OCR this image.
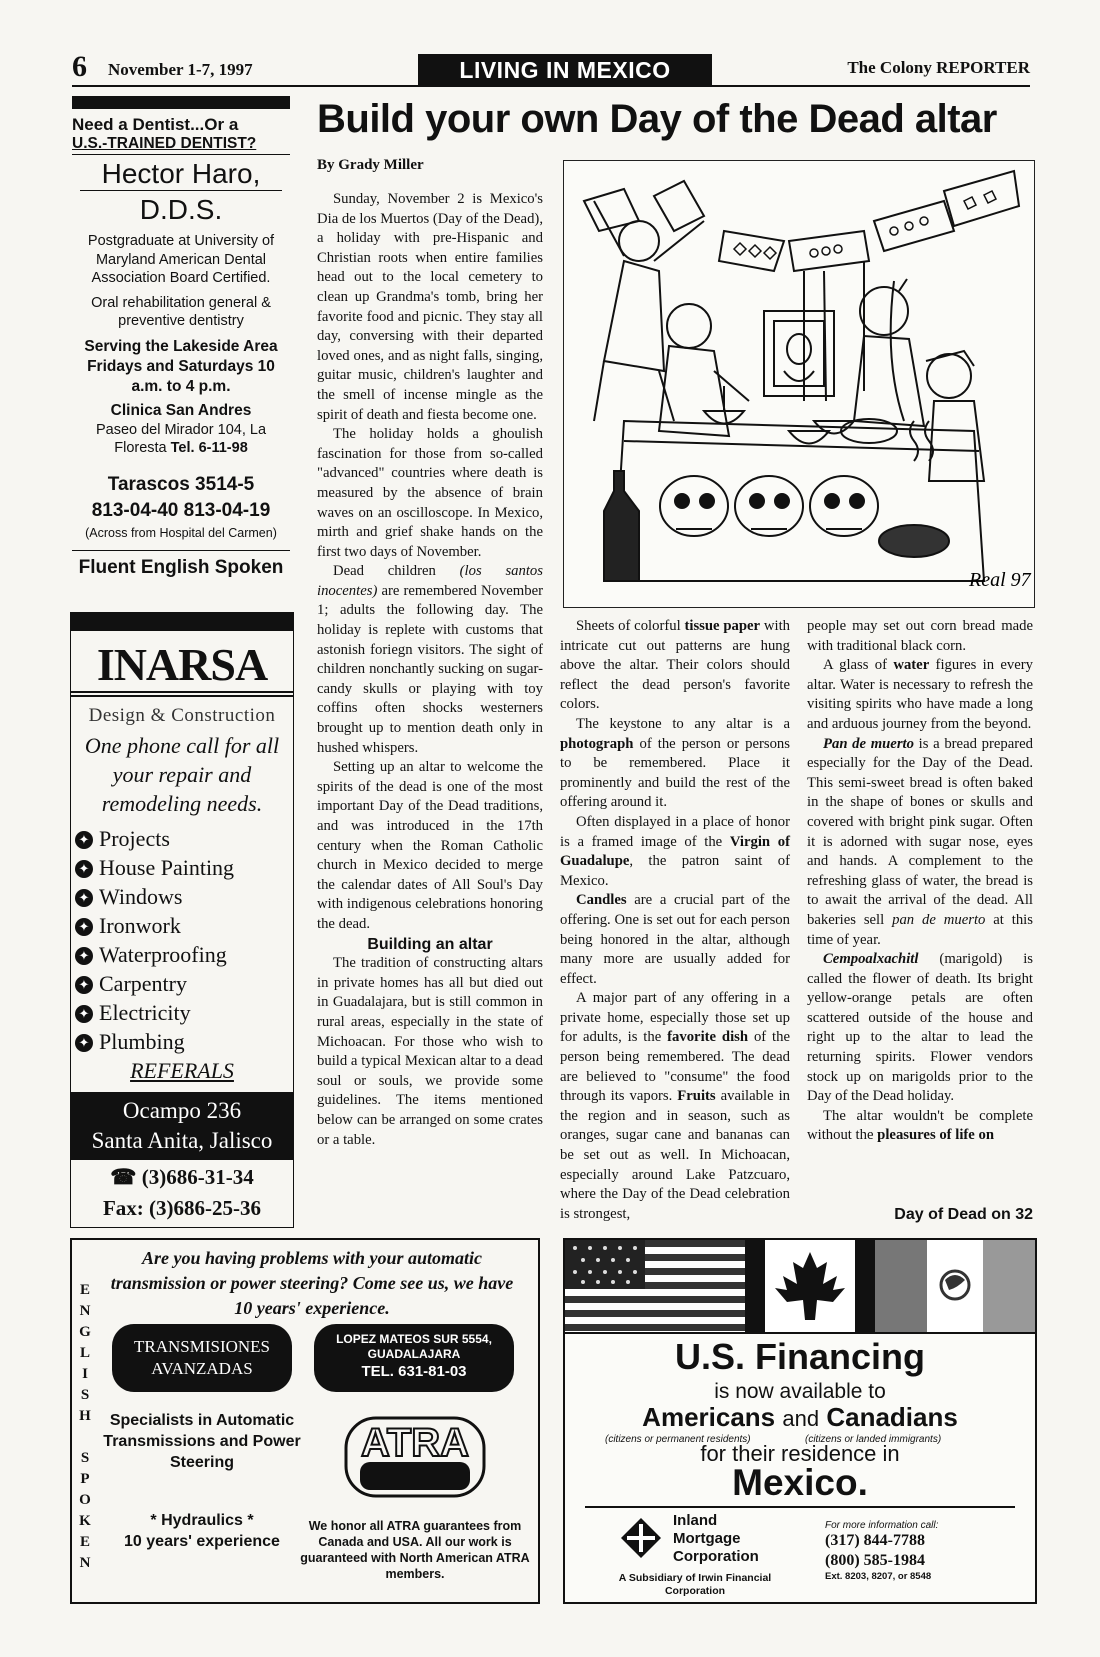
6 November 1-7, 1997	LIVING IN MEXICO	The Colony REPORTER
Build your own Day of the Dead altar
By Grady Miller

Sunday, November 2 is Mexico's Dia de los Muertos (Day of the Dead), a holiday with pre-Hispanic and Christian roots when entire families head out to the local cemetery to clean up Grandma's tomb, bring her favorite food and picnic. They stay all day, conversing with their departed loved ones, and as night falls, singing, guitar music, children's laughter and the smell of incense mingle as the spirit of death and fiesta become one.

The holiday holds a ghoulish fascination for those from so-called "advanced" countries where death is measured by the absence of brain waves on an oscilloscope. In Mexico, mirth and grief shake hands on the first two days of November.

Dead children (los santos inocentes) are remembered November 1; adults the following day. The holiday is replete with customs that astonish foriegn visitors. The sight of children nonchantly sucking on sugar-candy skulls or playing with toy coffins often shocks westerners brought up to mention death only in hushed whispers.

Setting up an altar to welcome the spirits of the dead is one of the most important Day of the Dead traditions, and was introduced in the 17th century when the Roman Catholic church in Mexico decided to merge the calendar dates of All Soul's Day with indigenous celebrations honoring the dead.

Building an altar

The tradition of constructing altars in private homes has all but died out in Guadalajara, but is still common in rural areas, especially in the state of Michoacan. For those who wish to build a typical Mexican altar to a dead soul or souls, we provide some guidelines. The items mentioned below can be arranged on some crates or a table.

Real 97

Sheets of colorful tissue paper with intricate cut out patterns are hung above the altar. Their colors should reflect the dead person's favorite colors.

The keystone to any altar is a photograph of the person or persons to be remembered. Place it prominently and build the rest of the offering around it.

Often displayed in a place of honor is a framed image of the Virgin of Guadalupe, the patron saint of Mexico.

Candles are a crucial part of the offering. One is set out for each person being honored in the altar, although many more are usually added for effect.

A major part of any offering in a private home, especially those set up for adults, is the favorite dish of the person being remembered. The dead are believed to "consume" the food through its vapors. Fruits available in the region and in season, such as oranges, sugar cane and bananas can be set out as well. In Michoacan, especially around Lake Patzcuaro, where the Day of the Dead celebration is strongest,

people may set out corn bread made with traditional black corn.

A glass of water figures in every altar. Water is necessary to refresh the visiting spirits who have made a long and arduous journey from the beyond.

Pan de muerto is a bread prepared especially for the Day of the Dead. This semi-sweet bread is often baked in the shape of bones or skulls and covered with bright pink sugar. Often it is adorned with sugar nose, eyes and hands. A complement to the refreshing glass of water, the bread is to await the arrival of the dead. All bakeries sell pan de muerto at this time of year.

Cempoalxachitl (marigold) is called the flower of death. Its bright yellow-orange petals are often scattered outside of the house and right up to the altar to lead the returning spirits. Flower vendors stock up on marigolds prior to the Day of the Dead holiday.

The altar wouldn't be complete without the pleasures of life on

Day of Dead on 32
Need a Dentist...Or a
U.S.-TRAINED DENTIST?
Hector Haro,
D.D.S.
Postgraduate at University of Maryland American Dental Association Board Certified.
Oral rehabilitation general & preventive dentistry
Serving the Lakeside Area Fridays and Saturdays 10 a.m. to 4 p.m.
Clinica San Andres
Paseo del Mirador 104, La Floresta Tel. 6-11-98
Tarascos 3514-5
813-04-40 813-04-19
(Across from Hospital del Carmen)
Fluent English Spoken
INARSA
Design & Construction
One phone call for all your repair and remodeling needs.
✦ Projects
✦ House Painting
✦ Windows
✦ Ironwork
✦ Waterproofing
✦ Carpentry
✦ Electricity
✦ Plumbing
REFERALS
Ocampo 236
Santa Anita, Jalisco
☎ (3)686-31-34
Fax: (3)686-25-36
E
N
G
L
I
S
H

S
P
O
K
E
N
Are you having problems with your automatic transmission or power steering? Come see us, we have 10 years' experience.
TRANSMISIONES AVANZADAS
LOPEZ MATEOS SUR 5554,
GUADALAJARA
TEL. 631-81-03
Specialists in Automatic Transmissions and Power Steering
* Hydraulics *
10 years' experience
ATRA
We honor all ATRA guarantees from Canada and USA. All our work is guaranteed with North American ATRA members.
U.S. Financing
is now available to
Americans and Canadians
(citizens or permanent residents)	(citizens or landed immigrants)
for their residence in
Mexico.
Inland
Mortgage
Corporation
A Subsidiary of Irwin Financial Corporation
For more information call:
(317) 844-7788
(800) 585-1984
Ext. 8203, 8207, or 8548
